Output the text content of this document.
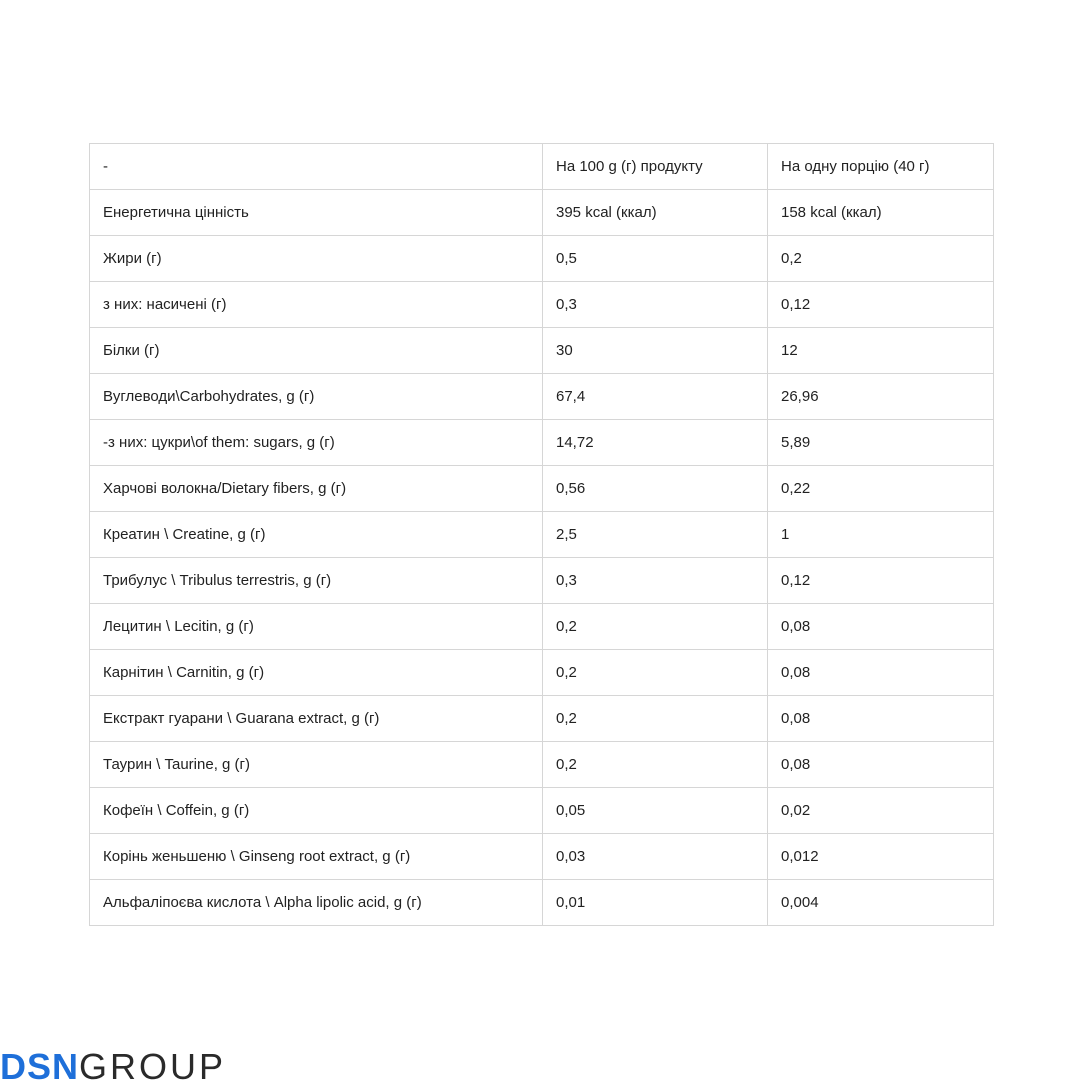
-	На 100 g (г) продукту	На одну порцію (40 г)
Енергетична цінність	395 kcal (ккал)	158 kcal (ккал)
Жири (г)	0,5	0,2
з них: насичені (г)	0,3	0,12
Білки (г)	30	12
Вуглеводи\Carbohydrates, g (г)	67,4	26,96
-з них: цукри\of them: sugars, g (г)	14,72	5,89
Харчові волокна/Dietary fibers, g (г)	0,56	0,22
Креатин \ Creatine, g (г)	2,5	1
Трибулус \ Tribulus terrestris, g (г)	0,3	0,12
Лецитин \ Lecitin, g (г)	0,2	0,08
Карнітин \ Carnitin, g (г)	0,2	0,08
Екстракт гуарани \ Guarana extract, g (г)	0,2	0,08
Таурин \ Taurine, g (г)	0,2	0,08
Кофеїн \ Coffein, g (г)	0,05	0,02
Корінь женьшеню \ Ginseng root extract, g (г)	0,03	0,012
Альфаліпоєва кислота \ Alpha lipolic acid, g (г)	0,01	0,004
DSNGROUP
